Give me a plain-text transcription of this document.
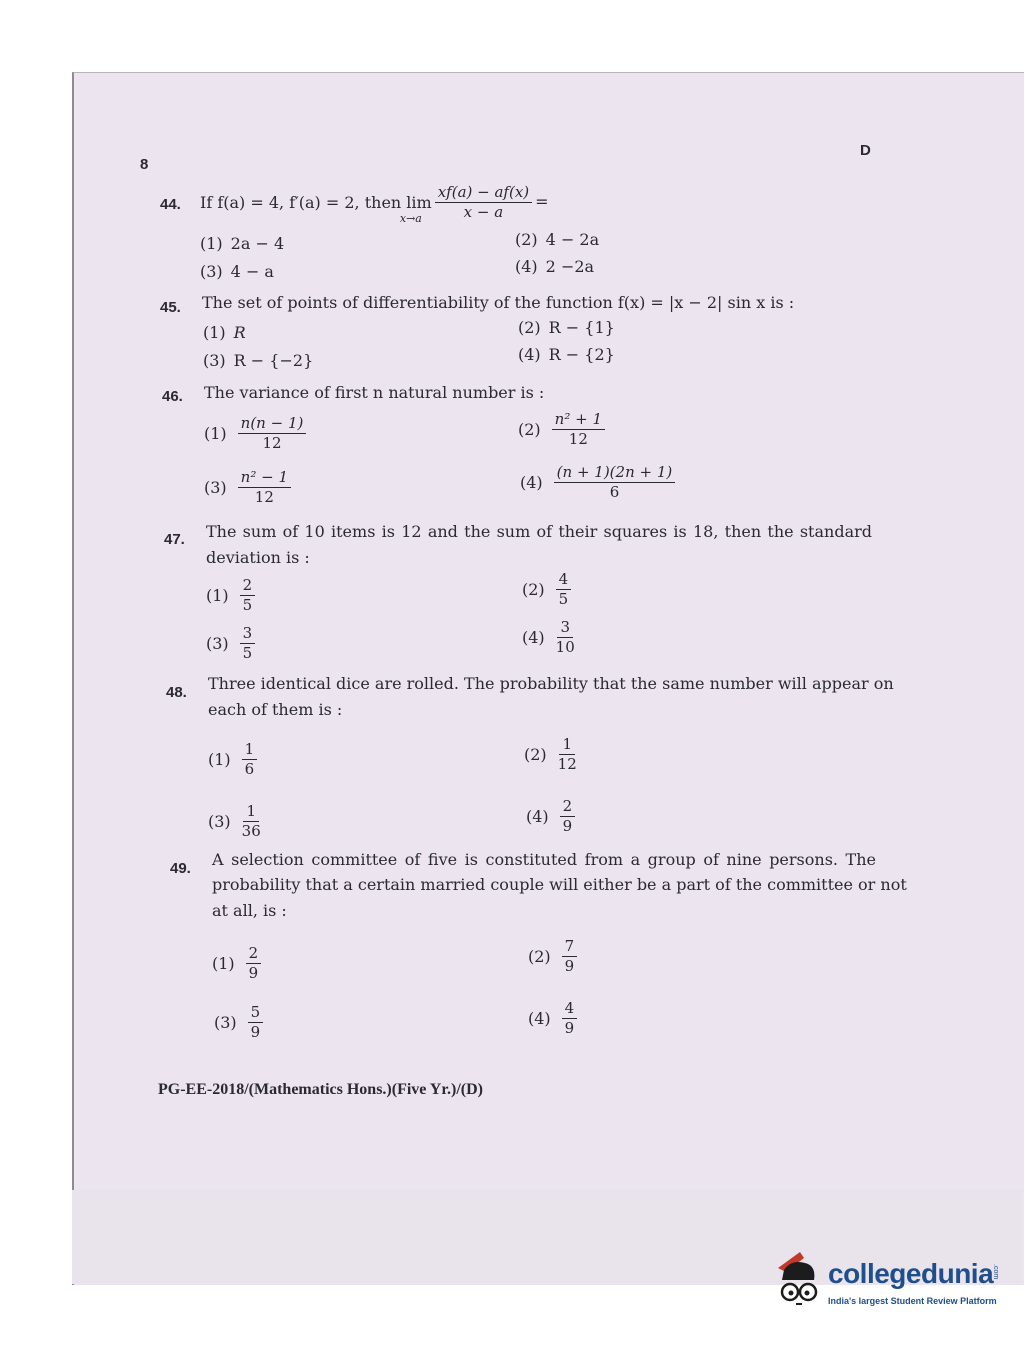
8
D
44. If f(a) = 4, f′(a) = 2, then lim
$x\to a \frac{xf(a) - af(x)}{x - a}$ =
(1) 2a − 4	(2) 4 − 2a
(3) 4 − a	(4) 2 −2a
45. The set of points of differentiability of the function f(x) = |x − 2| sin x is :
(1) R	(2) R − {1}
(3) R − {−2}	(4) R − {2}
46. The variance of first n natural number is :
$(1) \frac{n(n - 1)}{12}$	$(2) \frac{\text{n² + 1}}{12}$
$(3) \frac{\text{n² − 1}}{12}$	$(4) \frac{(n + 1)(2n + 1)}{6}$
47. The sum of 10 items is 12 and the sum of their squares is 18, then the standard
deviation is :
$(1) \frac{2}{5}$	$(2) \frac{4}{5}$
$(3) \frac{3}{5}$	$(4) \frac{3}{10}$
48. Three identical dice are rolled. The probability that the same number will appear on
each of them is :
$(1) \frac{1}{6}$	$(2) \frac{1}{12}$
$(3) \frac{1}{36}$	$(4) \frac{2}{9}$
49. A selection committee of five is constituted from a group of nine persons. The
probability that a certain married couple will either be a part of the committee or not
at all, is :
$(1) \frac{2}{9}$	$(2) \frac{7}{9}$
$(3) \frac{5}{9}$	$(4) \frac{4}{9}$
PG-EE-2018/(Mathematics Hons.)(Five Yr.)/(D)
collegedunia
.com
India's largest Student Review Platform
